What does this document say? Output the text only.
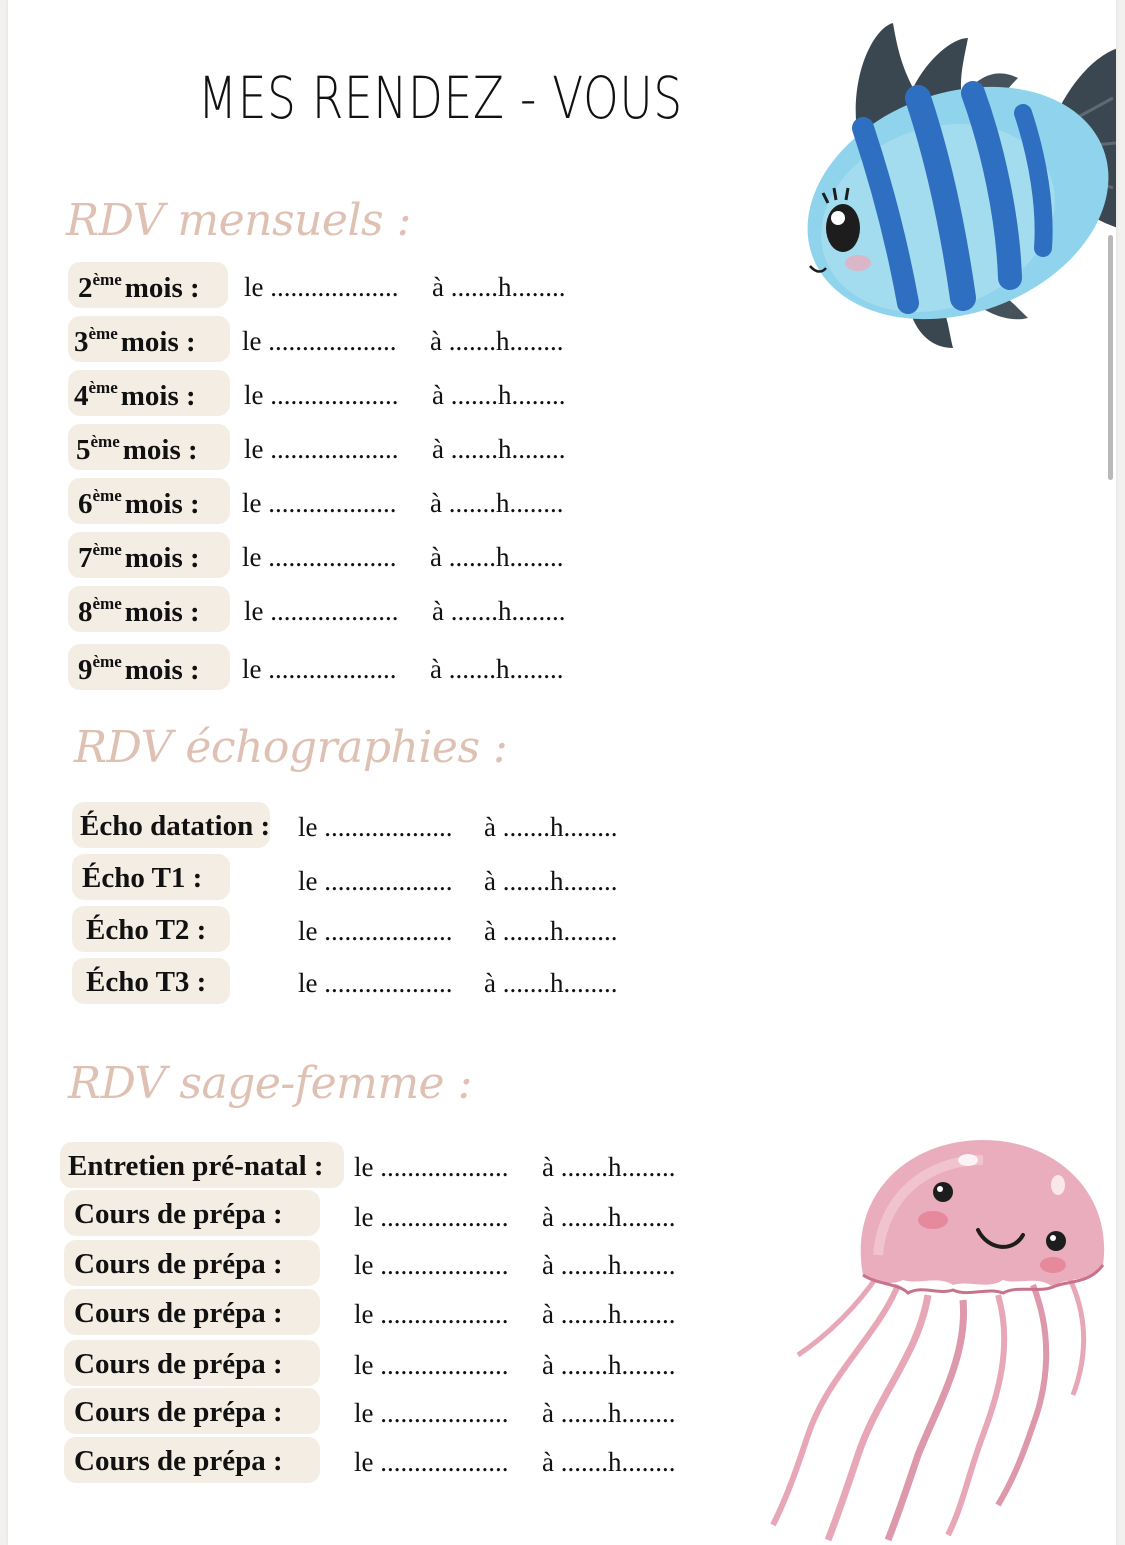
MES RENDEZ - VOUS
RDV mensuels :
2ème mois : le ................... à .......h........
3ème mois : le ................... à .......h........
4ème mois : le ................... à .......h........
5ème mois : le ................... à .......h........
6ème mois : le ................... à .......h........
7ème mois : le ................... à .......h........
8ème mois : le ................... à .......h........
9ème mois : le ................... à .......h........
RDV échographies :
Écho datation : le ................... à .......h........
Écho T1 :	le ................... à .......h........
Écho T2 :	le ................... à .......h........
Écho T3 :	le ................... à .......h........
RDV sage-femme :
Entretien pré-natal : le ................... à .......h........
Cours de prépa :	le ................... à .......h........
Cours de prépa :	le ................... à .......h........
Cours de prépa :	le ................... à .......h........
Cours de prépa :	le ................... à .......h........
Cours de prépa :	le ................... à .......h........
Cours de prépa :	le ................... à .......h........
